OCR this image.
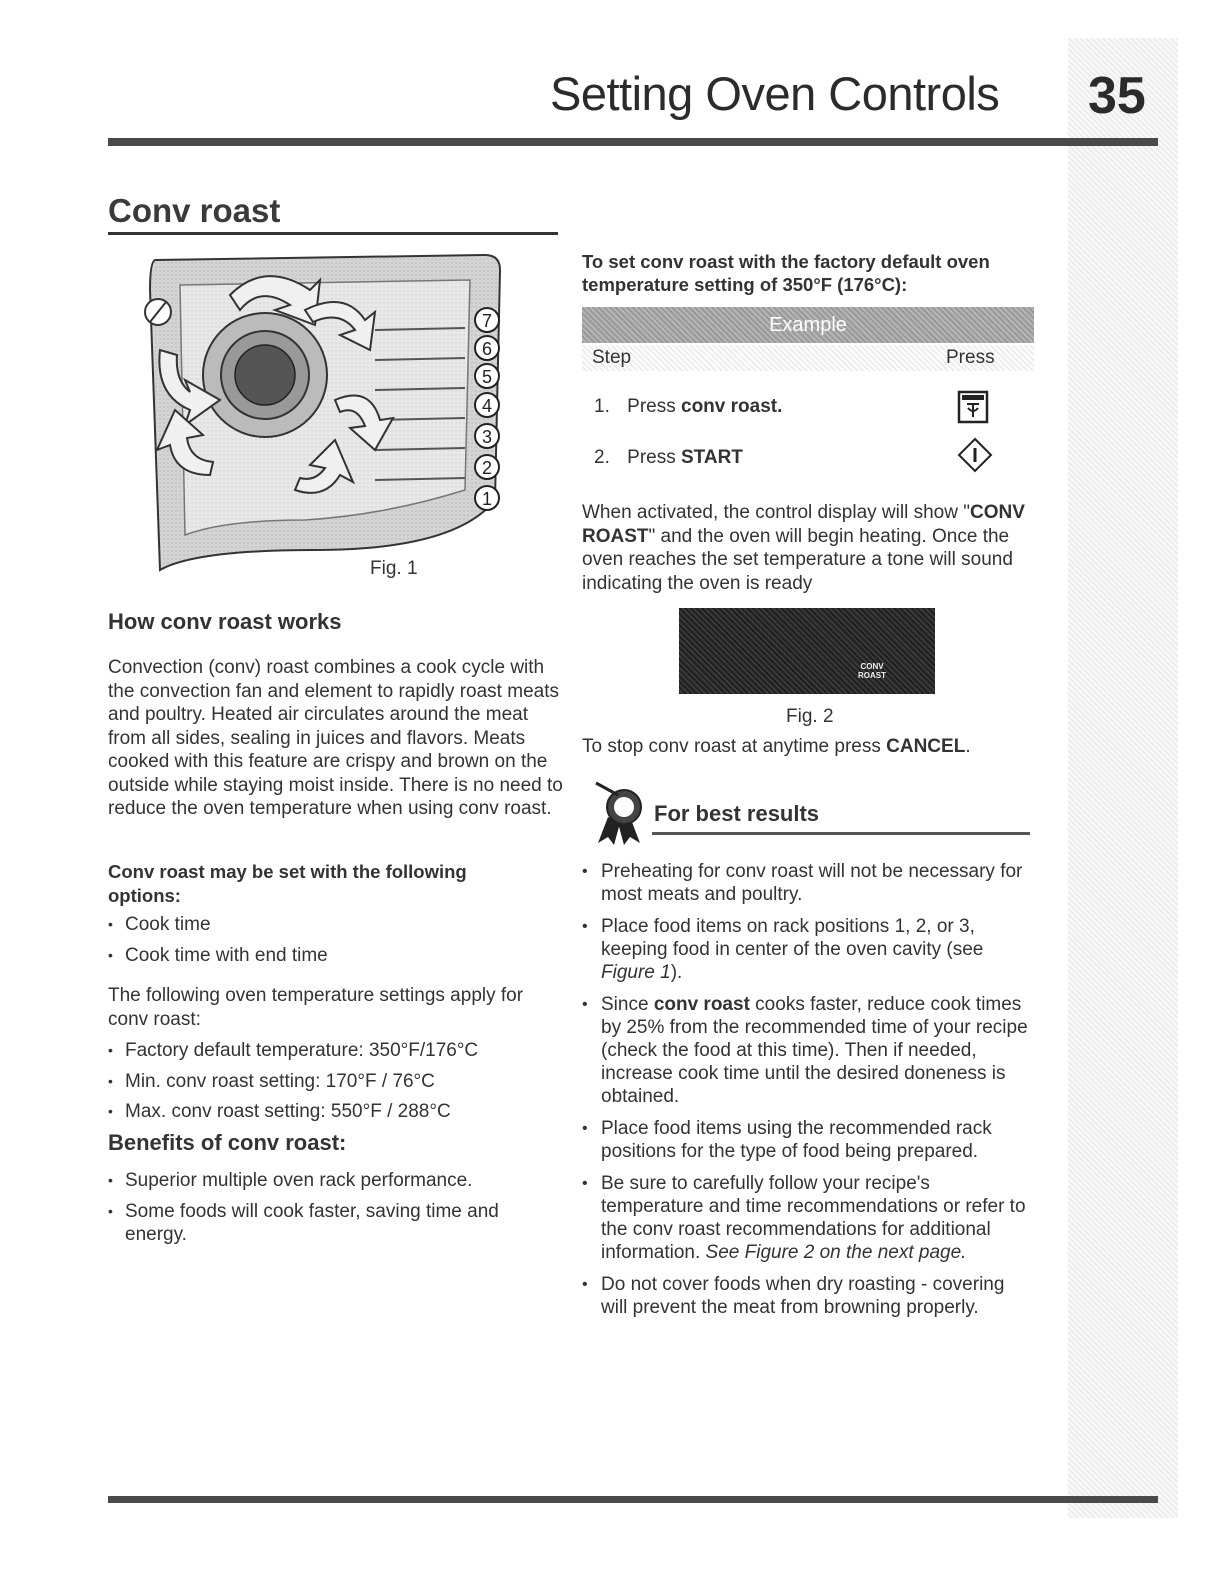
Setting Oven Controls 35
Conv roast
7
6
5
4
3
2
1
Fig. 1
How conv roast works
Convection (conv) roast combines a cook cycle with the convection fan and element to rapidly roast meats and poultry. Heated air circulates around the meat from all sides, sealing in juices and flavors. Meats cooked with this feature are crispy and brown on the outside while staying moist inside. There is no need to reduce the oven temperature when using conv roast.
Conv roast may be set with the following options:
• Cook time
• Cook time with end time
The following oven temperature settings apply for conv roast:
• Factory default temperature: 350°F/176°C
• Min. conv roast setting: 170°F / 76°C
• Max. conv roast setting: 550°F / 288°C
Benefits of conv roast:
• Superior multiple oven rack performance.
• Some foods will cook faster, saving time and energy.
To set conv roast with the factory default oven temperature setting of 350°F (176°C):
Example
Step	Press
1. Press conv roast.
2. Press START
When activated, the control display will show "CONV ROAST" and the oven will begin heating. Once the oven reaches the set temperature a tone will sound indicating the oven is ready
CONV
ROAST
Fig. 2
To stop conv roast at anytime press CANCEL.
For best results
• Preheating for conv roast will not be necessary for most meats and poultry.
• Place food items on rack positions 1, 2, or 3, keeping food in center of the oven cavity (see Figure 1).
• Since conv roast cooks faster, reduce cook times by 25% from the recommended time of your recipe (check the food at this time). Then if needed, increase cook time until the desired doneness is obtained.
• Place food items using the recommended rack positions for the type of food being prepared.
• Be sure to carefully follow your recipe's temperature and time recommendations or refer to the conv roast recommendations for additional information. See Figure 2 on the next page.
• Do not cover foods when dry roasting - covering will prevent the meat from browning properly.
